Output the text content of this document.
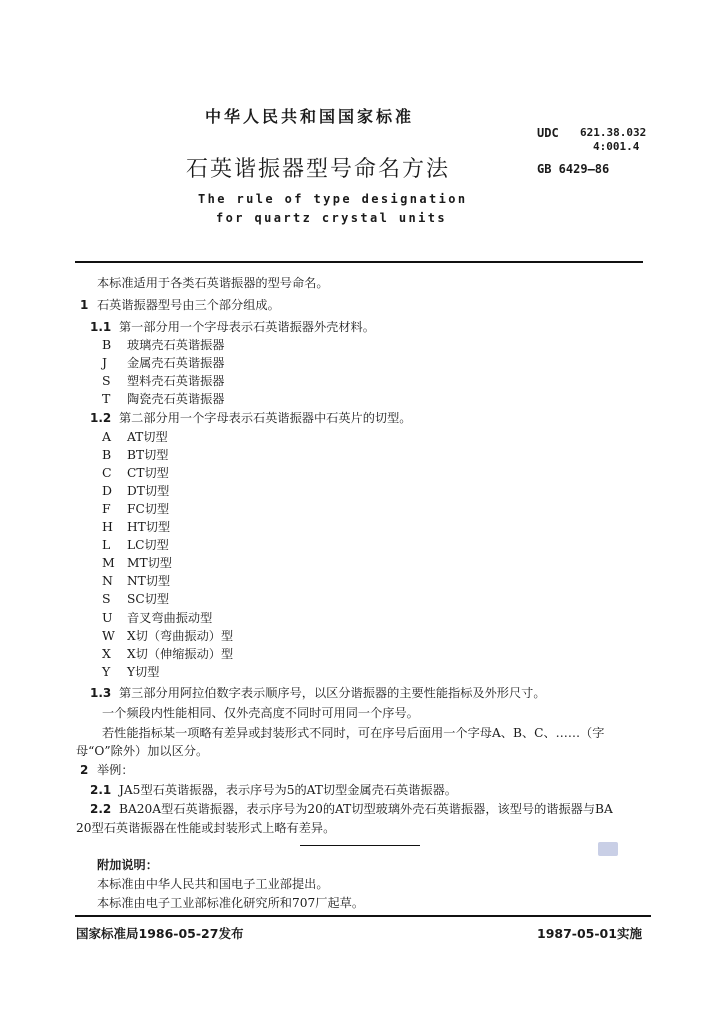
中华人民共和国国家标准
UDC 621.38.032
4:001.4
石英谐振器型号命名方法	GB 6429—86
The rule of type designation
for quartz crystal units
本标准适用于各类石英谐振器的型号命名。
1 石英谐振器型号由三个部分组成。
1.1 第一部分用一个字母表示石英谐振器外壳材料。
B 玻璃壳石英谐振器
J 金属壳石英谐振器
S 塑料壳石英谐振器
T 陶瓷壳石英谐振器
1.2 第二部分用一个字母表示石英谐振器中石英片的切型。
A AT切型
B BT切型
C CT切型
D DT切型
F FC切型
H HT切型
L LC切型
M MT切型
N NT切型
S SC切型
U 音叉弯曲振动型
W X切（弯曲振动）型
X X切（伸缩振动）型
Y Y切型
1.3 第三部分用阿拉伯数字表示顺序号，以区分谐振器的主要性能指标及外形尺寸。
一个频段内性能相同、仅外壳高度不同时可用同一个序号。
若性能指标某一项略有差异或封装形式不同时，可在序号后面用一个字母A、B、C、……（字
母“O”除外）加以区分。
2 举例：
2.1 JA5型石英谐振器，表示序号为5的AT切型金属壳石英谐振器。
2.2 BA20A型石英谐振器，表示序号为20的AT切型玻璃外壳石英谐振器，该型号的谐振器与BA
20型石英谐振器在性能或封装形式上略有差异。
附加说明：
本标准由中华人民共和国电子工业部提出。
本标准由电子工业部标准化研究所和707厂起草。
国家标准局1986-05-27发布	1987-05-01实施
